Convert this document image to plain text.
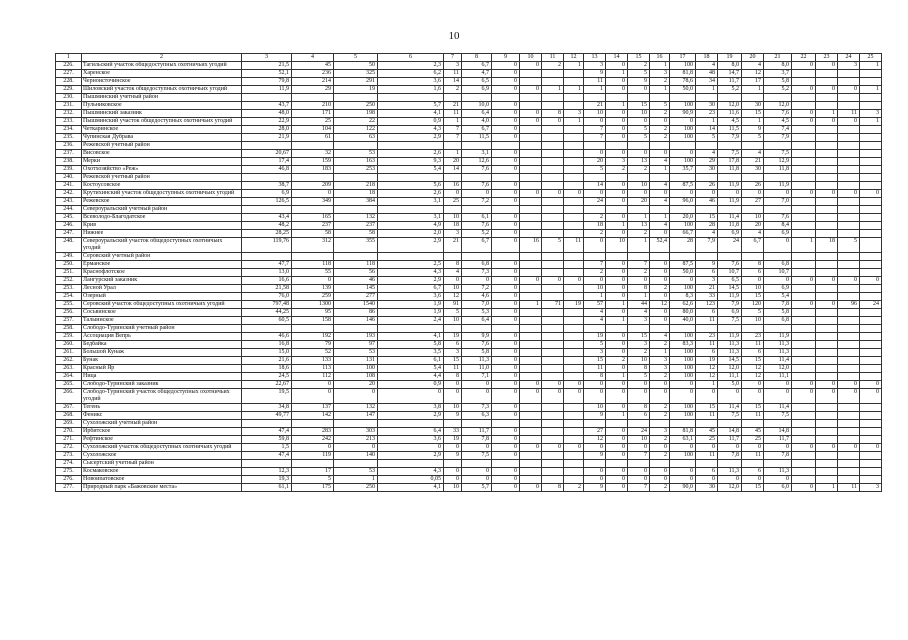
10
1	2	3	4	5	6	7	8	9	10	11	12	13	14	15	16	17	18	19	20	21	22	23	24	25
226.	Тагильский участок общедоступных охотничьих угодий	21,5	45	50	2,3	3	6,7	0	0	2	1	3	0	2	1	100	4	8,0	4	8,0	0	0	3	1
227.	Харенское	52,1	236	325	6,2	11	4,7	0				9	1	5	3	81,8	48	14,7	12	3,7				
228.	Черноисточинское	79,8	214	291	3,6	14	6,5	0				11	0	9	2	78,6	34	11,7	17	5,8				
229.	Шиловский участок общедоступных охотничьих угодий	11,9	29	19	1,6	2	6,9	0	0	1	1	1	0	0	1	50,0	1	5,2	1	5,2	0	0	0	1
230.	Пышминский учетный район																							
231.	Пульниковское	43,7	210	250	5,7	21	10,0	0				21	1	15	5	100	30	12,0	30	12,0				
232.	Пышминский заказник	48,0	171	198	4,1	11	6,4	0	0	8	3	10	0	10	2	90,9	23	11,6	15	7,6	0	1	11	3
233.	Пышминский участок общедоступных охотничьих угодий	22,9	25	22	0,9	1	4,0	0	0	0	1	0	0	0	0	0	1	4,5	1	4,5	0	0	0	1
234.	Четкаринское	28,0	104	122	4,3	7	6,7	0				7	0	5	2	100	14	11,5	9	7,4				
235.	Чупинская Дубрава	21,9	61	63	2,9	7	11,5	0				7	0	5	2	100	5	7,9	5	7,9				
236.	Режевской учетный район																							
237.	Висовское	20,67	32	53	2,6	1	3,1	0				0	0	0	0	0	4	7,5	4	7,5				
238.	Мерки	17,4	159	163	9,3	20	12,6	0				20	3	13	4	100	29	17,8	21	12,9				
239.	Охотхозяйство «Реж»	46,8	183	253	5,4	14	7,6	0				5	2	2	1	35,7	30	11,8	30	11,8				
240.	Режевской учетный район																							
241.	Костоусовское	38,7	209	218	5,6	16	7,6	0				14	0	10	4	87,5	26	11,9	26	11,9				
242.	Крутихинский участок общедоступных охотничьих угодий	6,9	0	18	2,6	0	0	0	0	0	0	0	0	0	0	0	0	0	0	0	0	0	0	0
243.	Режевское	126,5	349	384	3,1	25	7,2	0				24	0	20	4	96,0	46	11,9	27	7,0				
244.	Североуральский учетный район																							
245.	Всеволодо-Благодатское	43,4	165	132	3,1	10	6,1	0				2	0	1	1	20,0	15	11,4	10	7,6				
246.	Крив	48,2	237	237	4,9	18	7,6	0				18	1	13	4	100	28	11,8	20	8,4				
247.	Нижнее	28,25	58	58	2,0	3	5,2	0				2	0	2	0	66,7	4	6,9	4	6,9				
248.	Североуральский участок общедоступных охотничьих угодий	119,76	312	355	2,9	21	6,7	0	16	5	11	0	10	1	52,4	28	7,9	24	6,7	0	1	18	5	
249.	Серовский учетный район																							
250.	Ерманское	47,7	118	118	2,5	8	6,8	0				7	0	7	0	87,5	9	7,6	8	6,8				
251.	Краснофлотское	13,0	55	56	4,3	4	7,3	0				2	0	2	0	50,0	6	10,7	6	10,7				
252.	Лангурский заказник	16,6	0	46	2,9	0	0	0	0	0	0	0	0	0	0	0	3	6,5	0	0	0	0	0	0
253.	Лесной Урал	21,58	139	145	6,7	10	7,2	0				10	0	8	2	100	21	14,5	10	6,9				
254.	Озерный	76,0	259	277	3,6	12	4,6	0				1	0	1	0	8,3	33	11,9	15	5,4				
255.	Серовский участок общедоступных охотничьих угодий	797,48	1300	1540	1,9	91	7,0	0	1	71	19	57	1	44	12	62,6	123	7,9	120	7,8	0	0	96	24
256.	Сосьвинское	44,25	95	86	1,9	5	5,3	0				4	0	4	0	80,0	6	6,9	5	5,8				
257.	Талыинское	60,5	158	146	2,4	10	6,4	0				4	1	3	0	40,0	11	7,5	10	6,8				
258.	Слободо-Туринский учетный район																							
259.	Ассоциация Вепрь	46,6	192	193	4,1	19	9,9	0				19	0	15	4	100	23	11,9	23	11,9				
260.	Бедбайка	16,8	79	97	5,8	6	7,6	0				5	0	3	2	83,3	11	11,3	11	11,3				
261.	Большой Кунаж	15,0	52	53	3,5	3	5,8	0				3	0	2	1	100	6	11,3	6	11,3				
262.	Бунак	21,6	133	131	6,1	15	11,3	0				15	2	10	3	100	19	14,5	15	11,4				
263.	Красный Яр	18,6	113	100	5,4	11	11,0	0				11	0	8	3	100	12	12,0	12	12,0				
264.	Ница	24,5	112	108	4,4	8	7,1	0				8	1	5	2	100	12	11,1	12	11,1				
265.	Слободо-Туринский заказник	22,67	0	20	0,9	0	0	0	0	0	0	0	0	0	0	0	1	5,0	0	0	0	0	0	0
266.	Слободо-Туринский участок общедоступных охотничьих угодий	19,5	0	0	0	0	0	0	0	0	0	0	0	0	0	0	0	0	0	0	0	0	0	0
267.	Тегень	34,8	137	132	3,8	10	7,3	0				10	0	8	2	100	15	11,4	15	11,4				
268.	Феникс	49,77	142	147	2,9	9	6,3	0				9	1	6	2	100	11	7,5	11	7,5				
269.	Сухоложский учетный район																							
270.	Ирбитское	47,4	283	303	6,4	33	11,7	0				27	0	24	3	81,8	45	14,8	45	14,8				
271.	Рефтинское	59,8	242	213	3,6	19	7,8	0				12	0	10	2	63,1	25	11,7	25	11,7				
272.	Сухоложский участок общедоступных охотничьих угодий	1,5	0	0	0	0	0	0	0	0	0	0	0	0	0	0	0	0	0	0	0	0	0	0
273.	Сухоложское	47,4	119	140	2,9	9	7,5	0				9	0	7	2	100	11	7,8	11	7,8				
274.	Сысертский учетный район																							
275.	Космаковское	12,3	17	53	4,3	0	0	0				0	0	0	0	0	6	11,3	6	11,3				
276.	Новоипатовское	19,3	5	1	0,05	0	0	0				0	0	0	0	0	0	0	0	0				
277.	Природный парк «Бажовские места»	61,1	175	250	4,1	10	5,7	0	0	8	2	9	0	7	2	90,0	30	12,0	15	6,0	0	1	11	3
